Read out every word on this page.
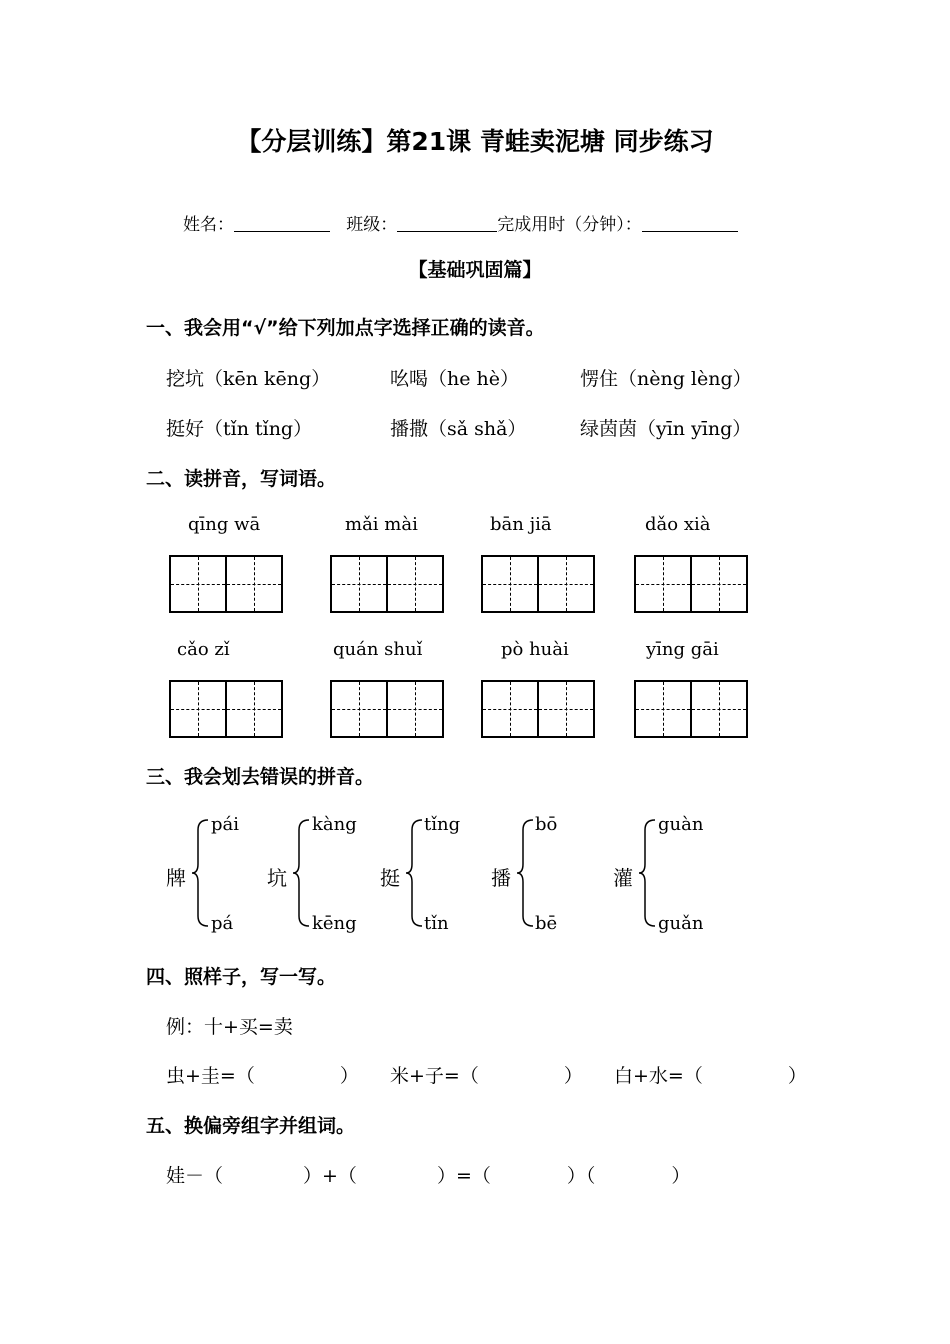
【分层训练】第21课 青蛙卖泥塘 同步练习
姓名：	班级：	完成用时（分钟）：
【基础巩固篇】
一、我会用“√”给下列加点字选择正确的读音。
挖坑（kēn kēng）	吆喝（he hè）	愣住（nèng lèng）
挺好（tǐn tǐng）	播撒（sǎ shǎ）	绿茵茵（yīn yīng）
二、读拼音，写词语。
qīng wā	mǎi mài	bān jiā	dǎo xià
cǎo zǐ	quán shuǐ	pò huài	yīng gāi
三、我会划去错误的拼音。
牌
pái
pá
坑
kàng
kēng
挺
tǐng
tǐn
播
bō
bē
灌
guàn
guǎn
四、照样子，写一写。
例：十+买=卖
虫+圭=（	） 米+子=（	） 白+水=（	）
五、换偏旁组字并组词。
娃－（	）+（	）=（	）（	）
